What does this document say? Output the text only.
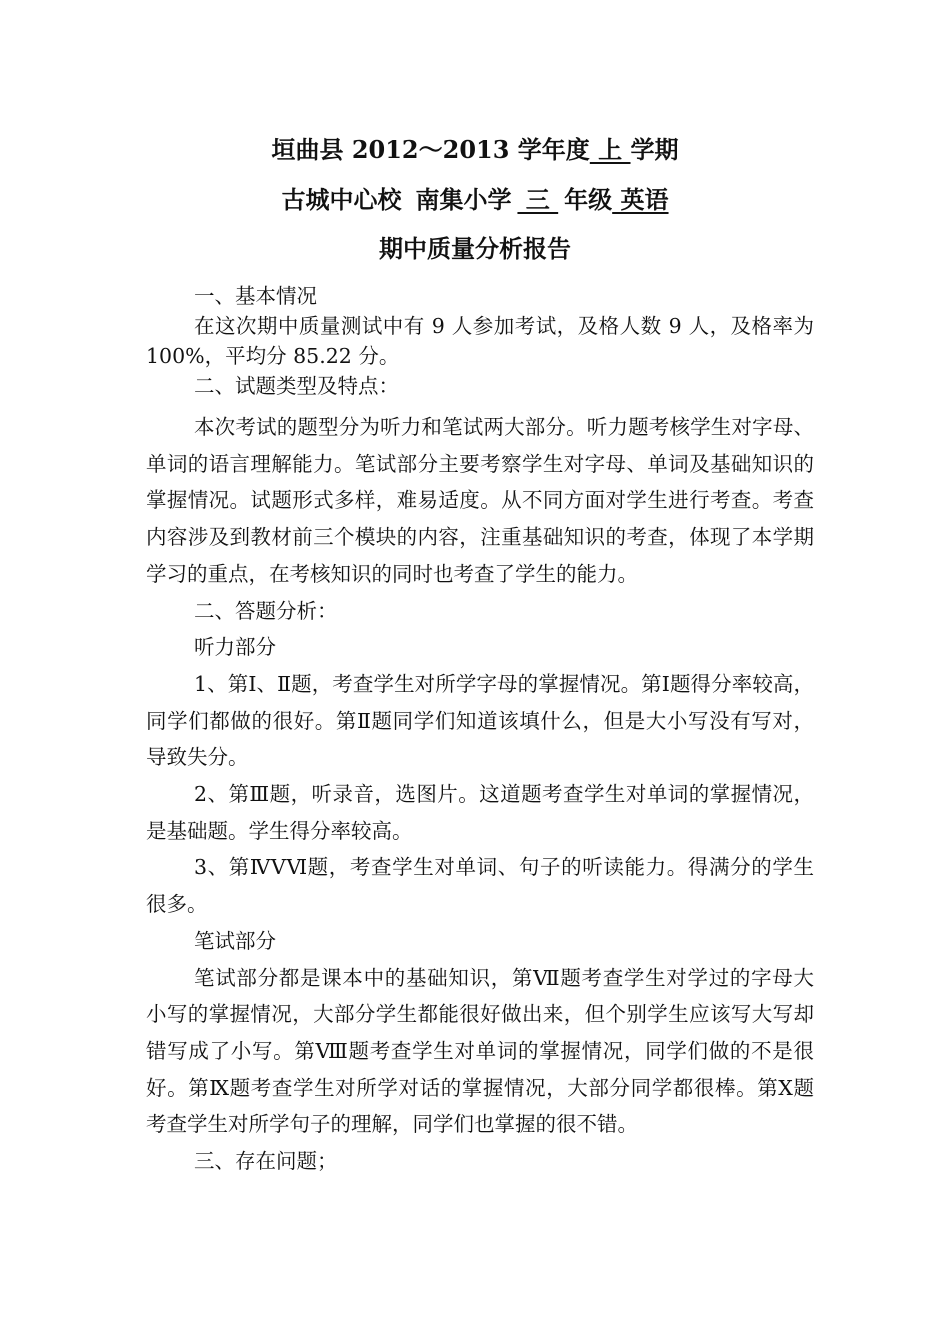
垣曲县 2012～2013 学年度 上 学期
古城中心校 南集小学 三 年级 英语
期中质量分析报告

一、基本情况

在这次期中质量测试中有 9 人参加考试，及格人数 9 人，及格率为 100%，平均分 85.22 分。

二、试题类型及特点：

本次考试的题型分为听力和笔试两大部分。听力题考核学生对字母、单词的语言理解能力。笔试部分主要考察学生对字母、单词及基础知识的掌握情况。试题形式多样，难易适度。从不同方面对学生进行考查。考查内容涉及到教材前三个模块的内容，注重基础知识的考查，体现了本学期学习的重点，在考核知识的同时也考查了学生的能力。

二、答题分析：

听力部分

1、第Ⅰ、Ⅱ题，考查学生对所学字母的掌握情况。第Ⅰ题得分率较高，同学们都做的很好。第Ⅱ题同学们知道该填什么，但是大小写没有写对，导致失分。

2、第Ⅲ题，听录音，选图片。这道题考查学生对单词的掌握情况，是基础题。学生得分率较高。

3、第ⅣⅤⅥ题，考查学生对单词、句子的听读能力。得满分的学生很多。

笔试部分

笔试部分都是课本中的基础知识，第Ⅶ题考查学生对学过的字母大小写的掌握情况，大部分学生都能很好做出来，但个别学生应该写大写却错写成了小写。第Ⅷ题考查学生对单词的掌握情况，同学们做的不是很好。第Ⅸ题考查学生对所学对话的掌握情况，大部分同学都很棒。第Ⅹ题考查学生对所学句子的理解，同学们也掌握的很不错。

三、存在问题；
